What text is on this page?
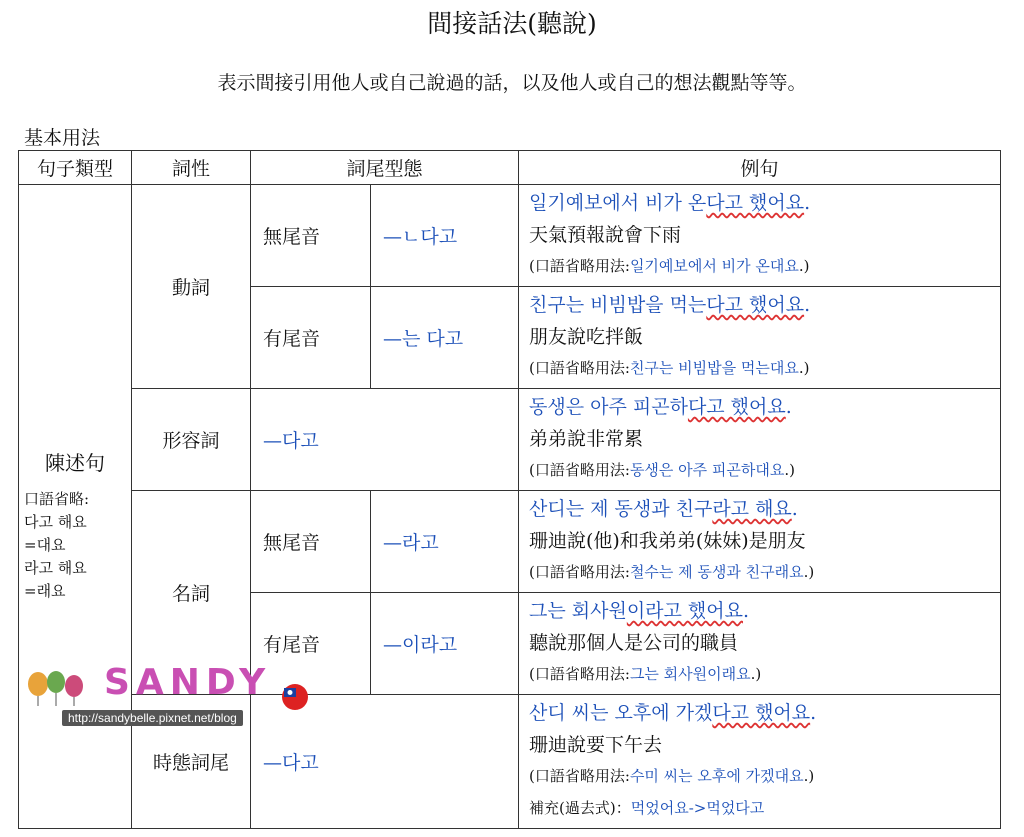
間接話法(聽說)
表示間接引用他人或自己說過的話，以及他人或自己的想法觀點等等。
基本用法
句子類型	詞性	詞尾型態		例句

陳述句	動詞	無尾音	—ㄴ다고	일기예보에서 비가 온다고 했어요.
天氣預報說會下雨
(口語省略用法:일기예보에서 비가 온대요.)

		有尾音	—는 다고	친구는 비빔밥을 먹는다고 했어요.
朋友說吃拌飯
(口語省略用法:친구는 비빔밥을 먹는대요.)

	形容詞	—다고		동생은 아주 피곤하다고 했어요.
弟弟說非常累
(口語省略用法:동생은 아주 피곤하대요.)

	名詞	無尾音	—라고	산디는 제 동생과 친구라고 해요.
珊迪說(他)和我弟弟(妹妹)是朋友
(口語省略用法:철수는 제 동생과 친구래요.)

		有尾音	—이라고	그는 회사원이라고 했어요.
聽說那個人是公司的職員
(口語省略用法:그는 회사원이래요.)

	時態詞尾	—다고		산디 씨는 오후에 가겠다고 했어요.
珊迪說要下午去
(口語省略用法:수미 씨는 오후에 가겠대요.)
補充(過去式)：먹었어요->먹었다고
口語省略:
다고 해요
=대요
라고 해요
=래요
SANDY
http://sandybelle.pixnet.net/blog
